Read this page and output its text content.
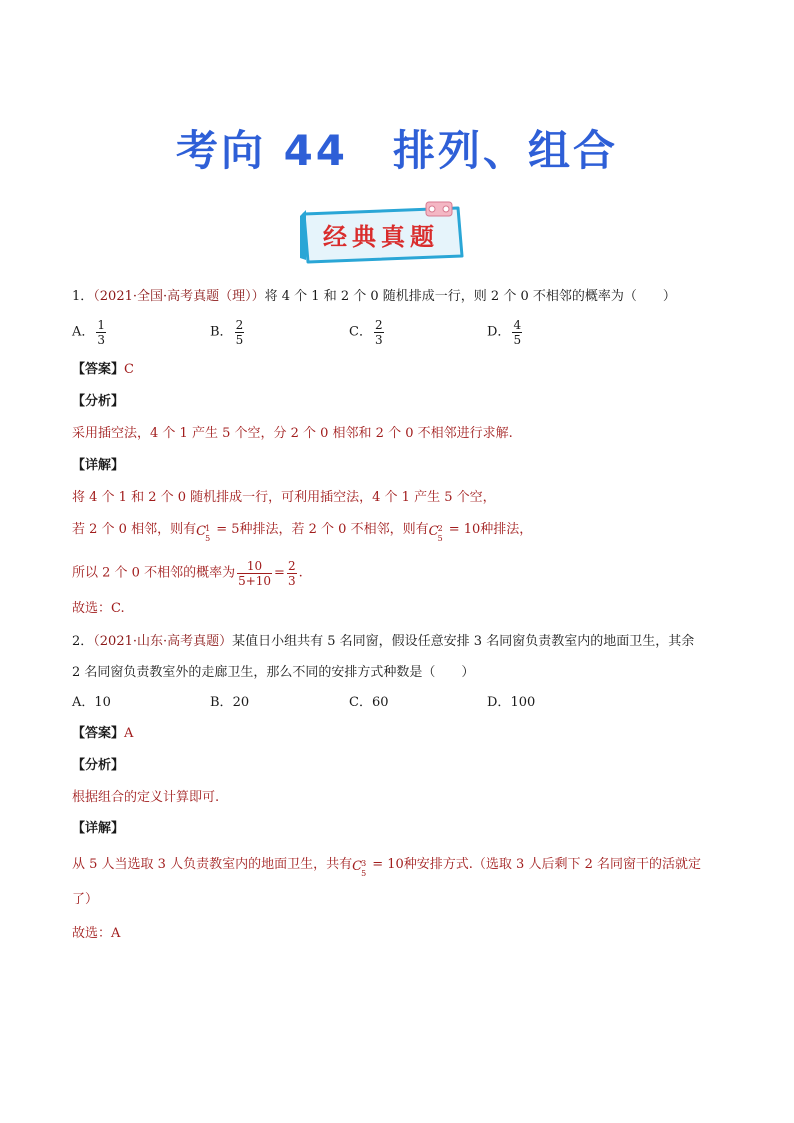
考向 44　排列、组合
经典真题
1．（2021·全国·高考真题（理））将 4 个 1 和 2 个 0 随机排成一行，则 2 个 0 不相邻的概率为（　　）
A． $\frac{1}{3}$	B． $\frac{2}{5}$	C． $\frac{2}{3}$	D． $\frac{4}{5}$
【答案】C
【分析】
采用插空法，4 个 1 产生 5 个空，分 2 个 0 相邻和 2 个 0 不相邻进行求解.
【详解】
将 4 个 1 和 2 个 0 随机排成一行，可利用插空法，4 个 1 产生 5 个空，
若 2 个 0 相邻，则有 C 1
5
= 5种排法，若 2 个 0 不相邻，则有 C 2
5
= 10种排法，
所以 2 个 0 不相邻的概率为 $\frac{10}{5+10} = \frac{2}{3}$ .
故选：C.
2．（2021·山东·高考真题）某值日小组共有 5 名同窗，假设任意安排 3 名同窗负责教室内的地面卫生，其余
2 名同窗负责教室外的走廊卫生，那么不同的安排方式种数是（　　）
A．10	B．20	C．60	D．100
【答案】A
【分析】
根据组合的定义计算即可.
【详解】
从 5 人当选取 3 人负责教室内的地面卫生，共有 C 3
5
= 10种安排方式.（选取 3 人后剩下 2 名同窗干的活就定
了）
故选：A
